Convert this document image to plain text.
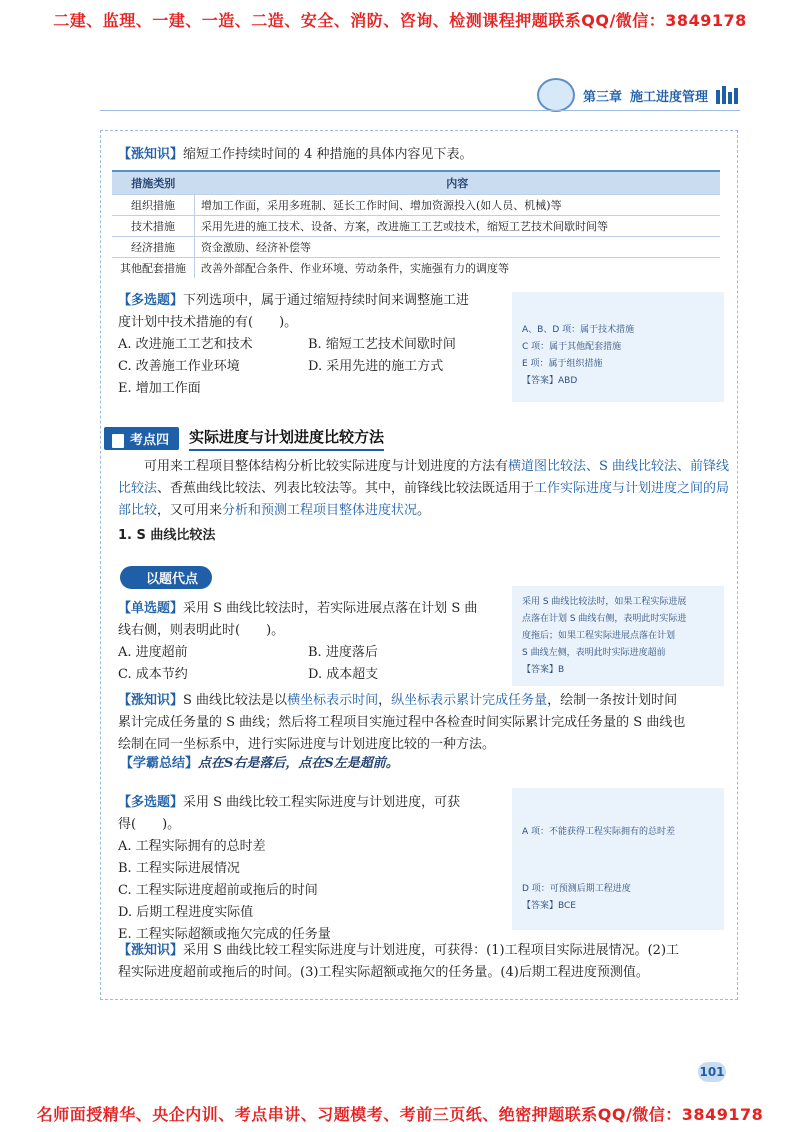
二建、监理、一建、一造、二造、安全、消防、咨询、检测课程押题联系QQ/微信：3849178
第三章 施工进度管理
【涨知识】缩短工作持续时间的 4 种措施的具体内容见下表。
措施类别	内容
组织措施	增加工作面，采用多班制、延长工作时间、增加资源投入(如人员、机械)等
技术措施	采用先进的施工技术、设备、方案，改进施工工艺或技术，缩短工艺技术间歇时间等
经济措施	资金激励、经济补偿等
其他配套措施	改善外部配合条件、作业环境、劳动条件，实施强有力的调度等
【多选题】下列选项中，属于通过缩短持续时间来调整施工进
度计划中技术措施的有(　　)。
A. 改进施工工艺和技术	B. 缩短工艺技术间歇时间
C. 改善施工作业环境	D. 采用先进的施工方式
E. 增加工作面
A、B、D 项：属于技术措施
C 项：属于其他配套措施
E 项：属于组织措施
【答案】ABD
考点四	实际进度与计划进度比较方法
可用来工程项目整体结构分析比较实际进度与计划进度的方法有横道图比较法、S 曲线比较法、前锋线比较法、香蕉曲线比较法、列表比较法等。其中，前锋线比较法既适用于工作实际进度与计划进度之间的局部比较，又可用来分析和预测工程项目整体进度状况。
1. S 曲线比较法
以题代点
【单选题】采用 S 曲线比较法时，若实际进展点落在计划 S 曲
线右侧，则表明此时(　　)。
A. 进度超前	B. 进度落后
C. 成本节约	D. 成本超支
采用 S 曲线比较法时，如果工程实际进展
点落在计划 S 曲线右侧，表明此时实际进
度拖后；如果工程实际进展点落在计划
S 曲线左侧，表明此时实际进度超前
【答案】B
【涨知识】S 曲线比较法是以横坐标表示时间，纵坐标表示累计完成任务量，绘制一条按计划时间
累计完成任务量的 S 曲线；然后将工程项目实施过程中各检查时间实际累计完成任务量的 S 曲线也
绘制在同一坐标系中，进行实际进度与计划进度比较的一种方法。
【学霸总结】点在S右是落后，点在S左是超前。
【多选题】采用 S 曲线比较工程实际进度与计划进度，可获
得(　　)。
A. 工程实际拥有的总时差
B. 工程实际进展情况
C. 工程实际进度超前或拖后的时间
D. 后期工程进度实际值
E. 工程实际超额或拖欠完成的任务量
A 项：不能获得工程实际拥有的总时差
D 项：可预测后期工程进度
【答案】BCE
【涨知识】采用 S 曲线比较工程实际进度与计划进度，可获得：(1)工程项目实际进展情况。(2)工
程实际进度超前或拖后的时间。(3)工程实际超额或拖欠的任务量。(4)后期工程进度预测值。
101
名师面授精华、央企内训、考点串讲、习题模考、考前三页纸、绝密押题联系QQ/微信：3849178
